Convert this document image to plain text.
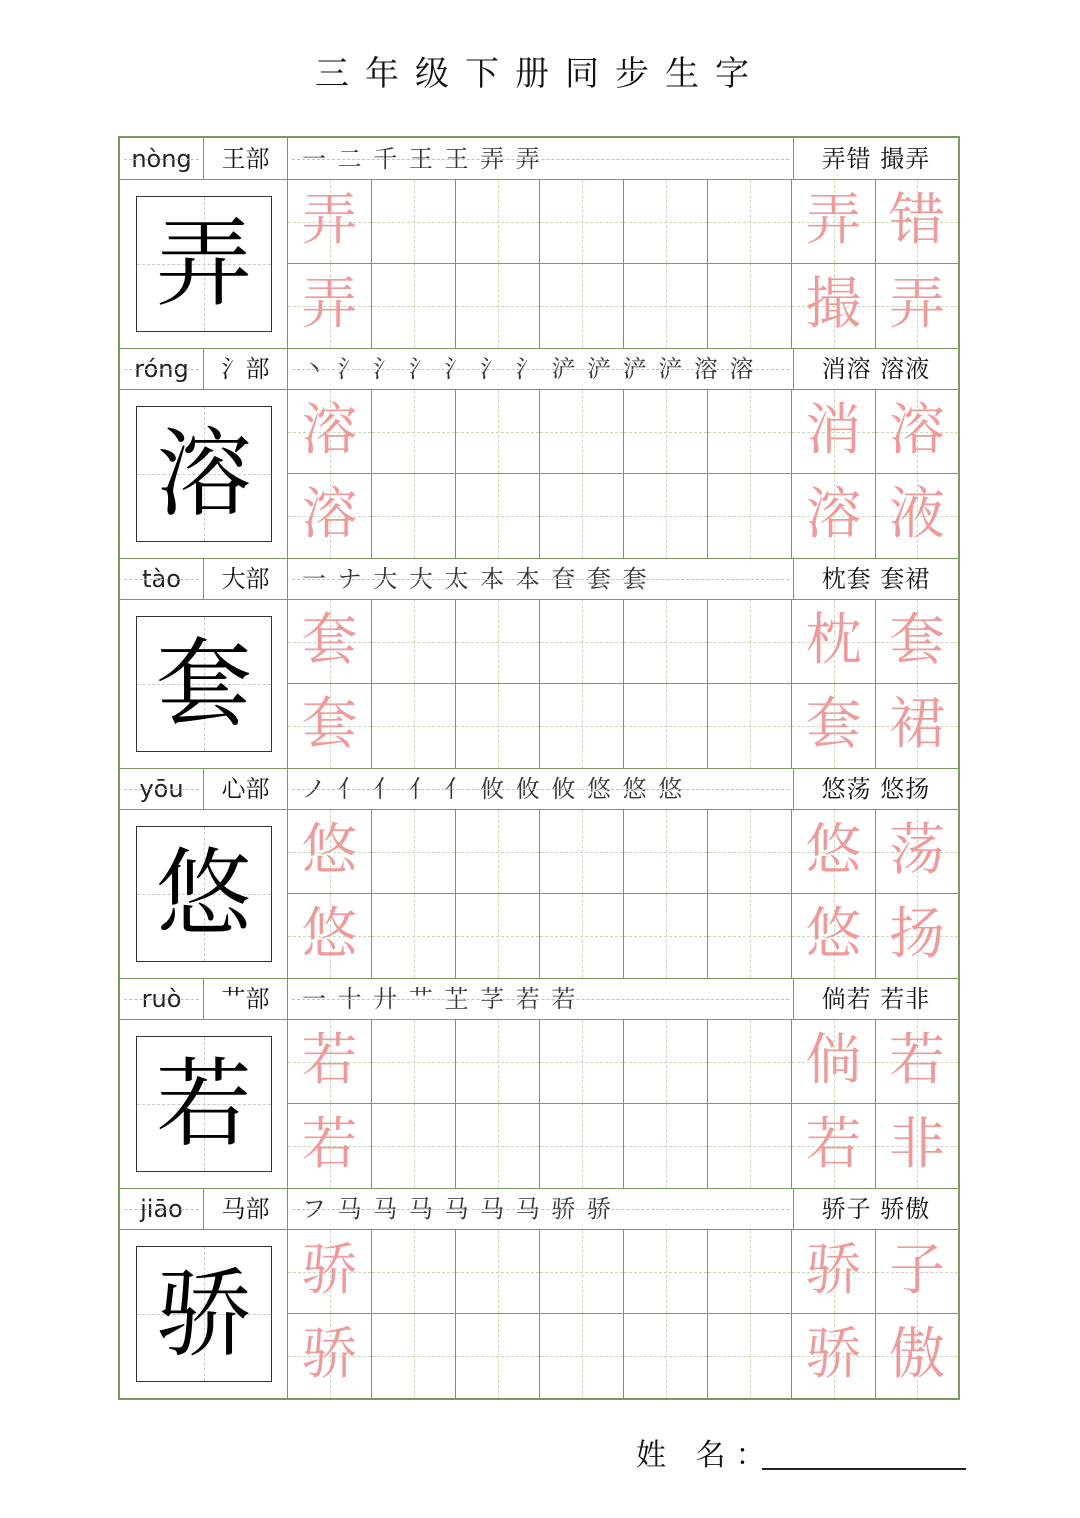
三年级下册同步生字
nòng	王部	一 二 千 王 王 弄 弄	弄错 撮弄
弄 弄	弄 错
弄	撮 弄
róng	氵部	丶 氵 氵 氵 氵 氵 氵 浐 浐 浐 浐 溶 溶	消溶 溶液
溶 溶	消 溶
溶	溶 液
tào	大部	一 ナ 大 大 太 本 本 奆 套 套	枕套 套裙
套 套	枕 套
套	套 裙
yōu	心部	ノ 亻 亻 亻 亻 攸 攸 攸 悠 悠 悠	悠荡 悠扬
悠 悠	悠 荡
悠	悠 扬
ruò	艹部	一 十 廾 艹 芏 芓 若 若	倘若 若非
若 若	倘 若
若	若 非
jiāo	马部	フ 马 马 马 马 马 马 骄 骄	骄子 骄傲
骄 骄	骄 子
骄	骄 傲
姓 名：
